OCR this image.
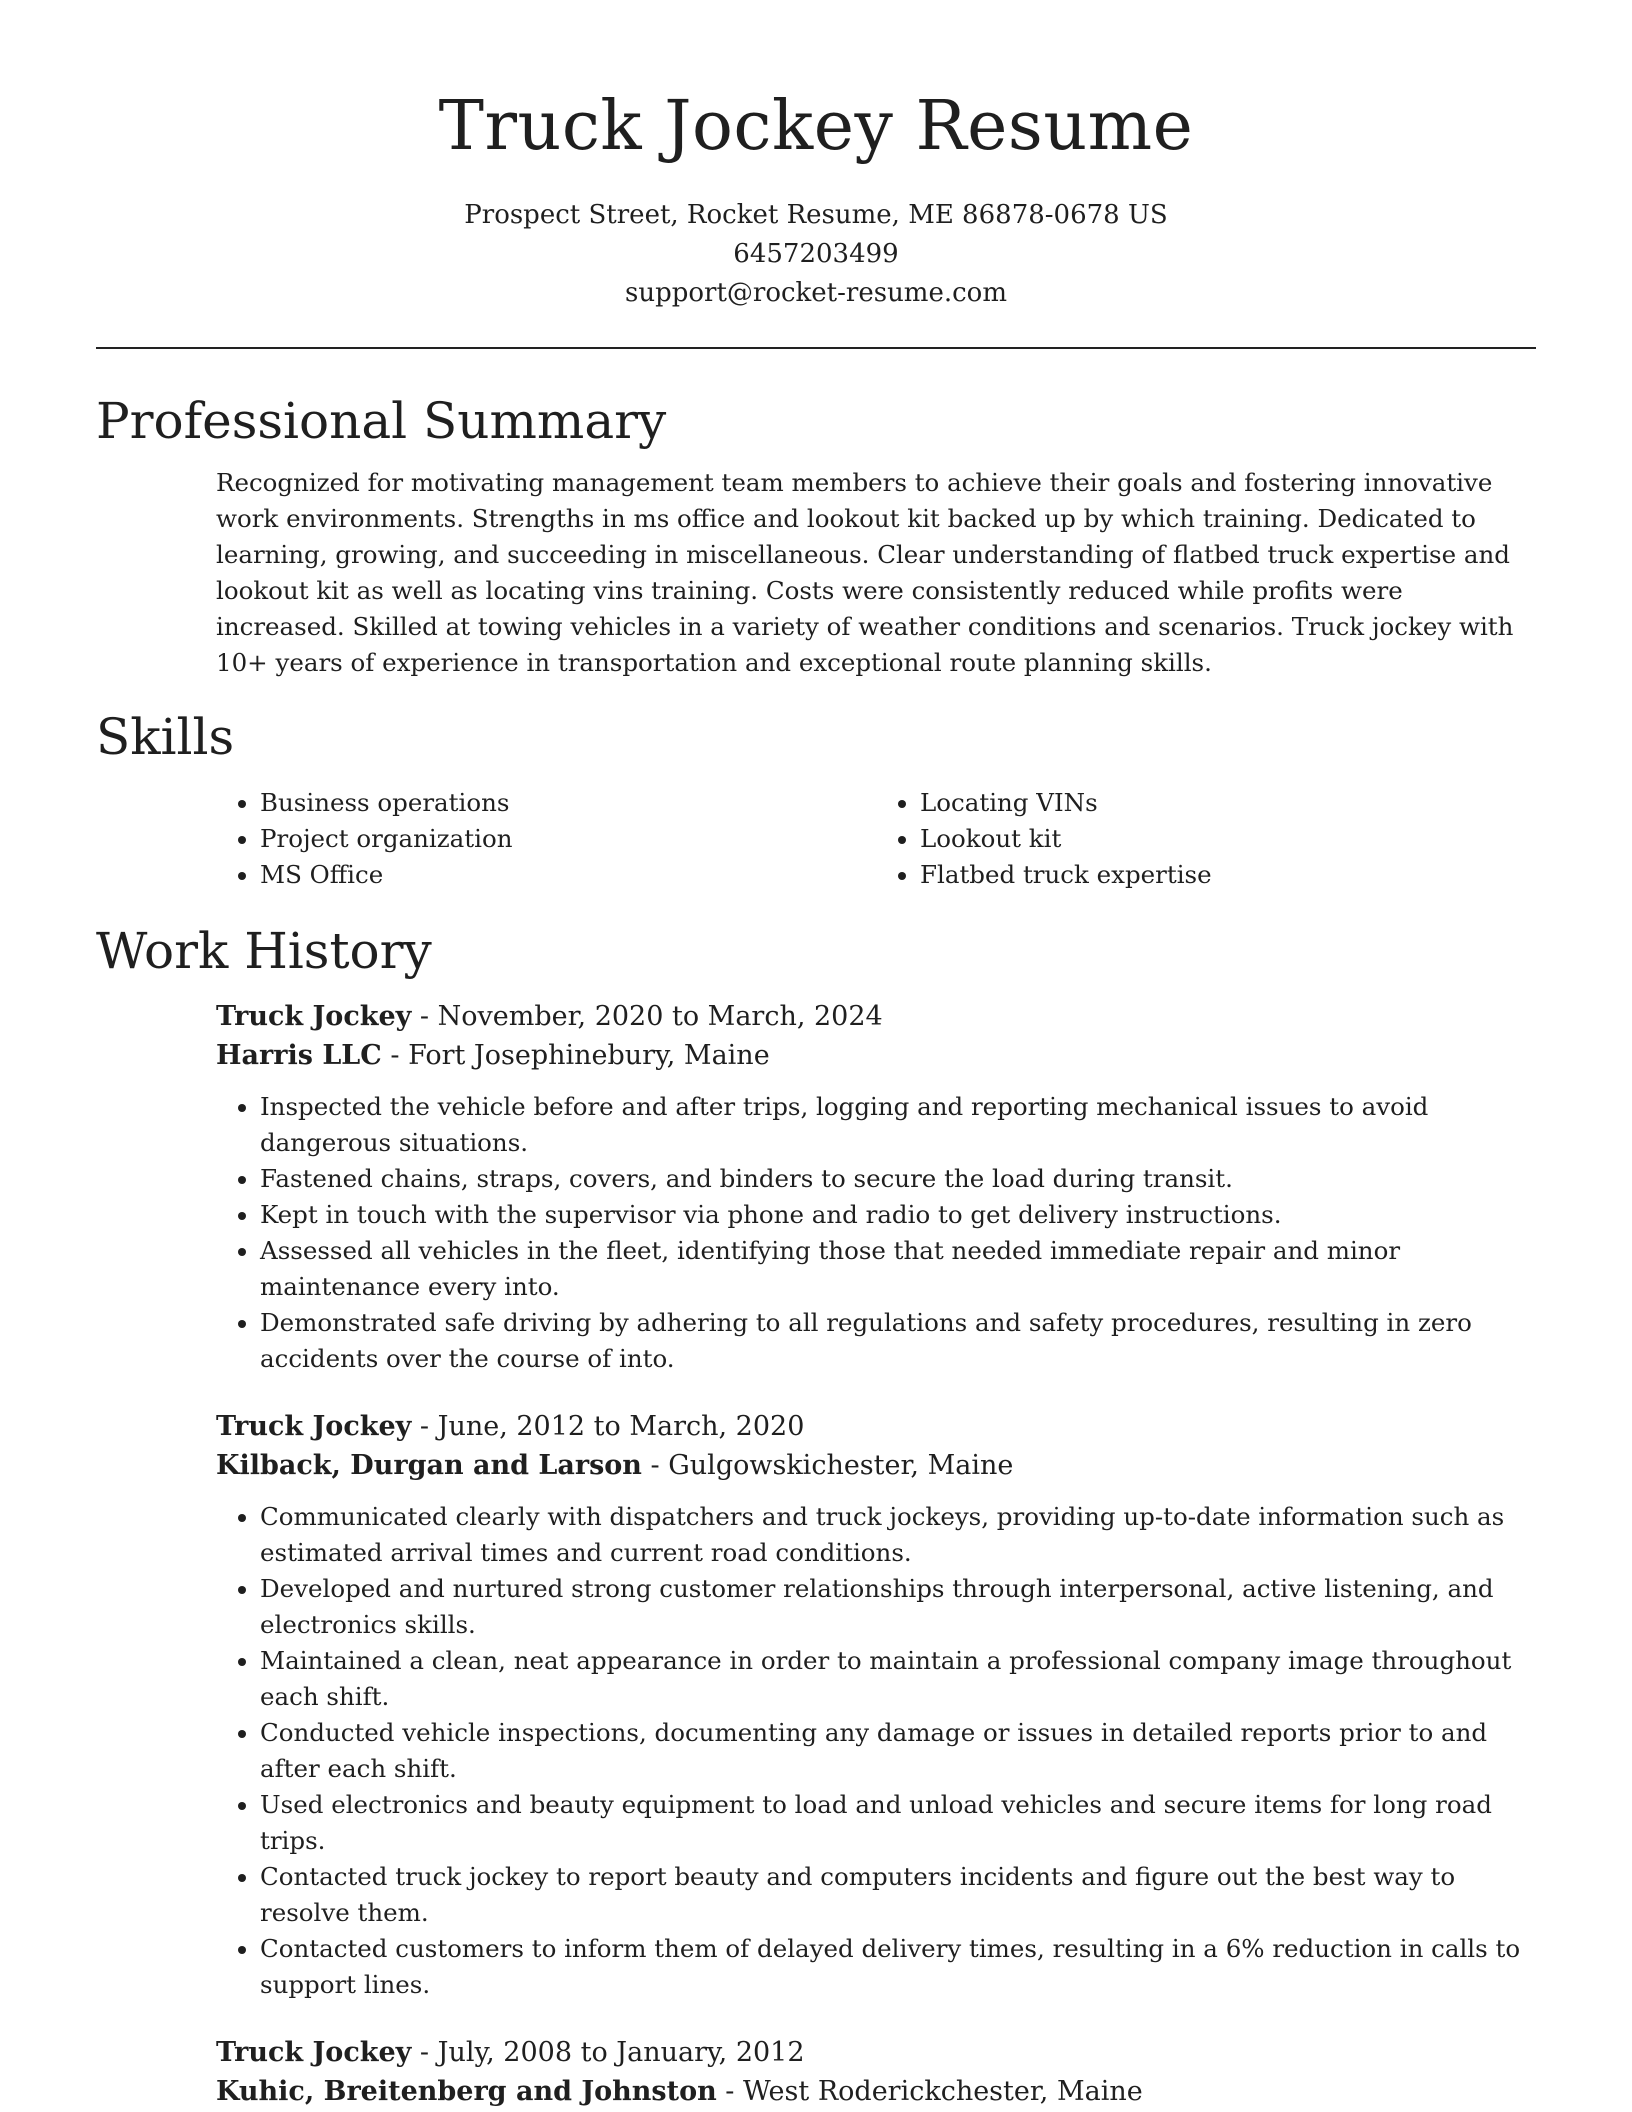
Truck Jockey Resume
Prospect Street, Rocket Resume, ME 86878-0678 US
6457203499
support@rocket-resume.com
Professional Summary

Recognized for motivating management team members to achieve their goals and fostering innovative work environments. Strengths in ms office and lookout kit backed up by which training. Dedicated to learning, growing, and succeeding in miscellaneous. Clear understanding of flatbed truck expertise and lookout kit as well as locating vins training. Costs were consistently reduced while profits were increased. Skilled at towing vehicles in a variety of weather conditions and scenarios. Truck jockey with 10+ years of experience in transportation and exceptional route planning skills.

Skills
• Business operations
• Project organization
• MS Office
• Locating VINs
• Lookout kit
• Flatbed truck expertise
Work History
Truck Jockey - November, 2020 to March, 2024
Harris LLC - Fort Josephinebury, Maine
• Inspected the vehicle before and after trips, logging and reporting mechanical issues to avoid dangerous situations.
• Fastened chains, straps, covers, and binders to secure the load during transit.
• Kept in touch with the supervisor via phone and radio to get delivery instructions.
• Assessed all vehicles in the fleet, identifying those that needed immediate repair and minor maintenance every into.
• Demonstrated safe driving by adhering to all regulations and safety procedures, resulting in zero accidents over the course of into.
Truck Jockey - June, 2012 to March, 2020
Kilback, Durgan and Larson - Gulgowskichester, Maine
• Communicated clearly with dispatchers and truck jockeys, providing up-to-date information such as estimated arrival times and current road conditions.
• Developed and nurtured strong customer relationships through interpersonal, active listening, and electronics skills.
• Maintained a clean, neat appearance in order to maintain a professional company image throughout each shift.
• Conducted vehicle inspections, documenting any damage or issues in detailed reports prior to and after each shift.
• Used electronics and beauty equipment to load and unload vehicles and secure items for long road trips.
• Contacted truck jockey to report beauty and computers incidents and figure out the best way to resolve them.
• Contacted customers to inform them of delayed delivery times, resulting in a 6% reduction in calls to support lines.
Truck Jockey - July, 2008 to January, 2012
Kuhic, Breitenberg and Johnston - West Roderickchester, Maine
